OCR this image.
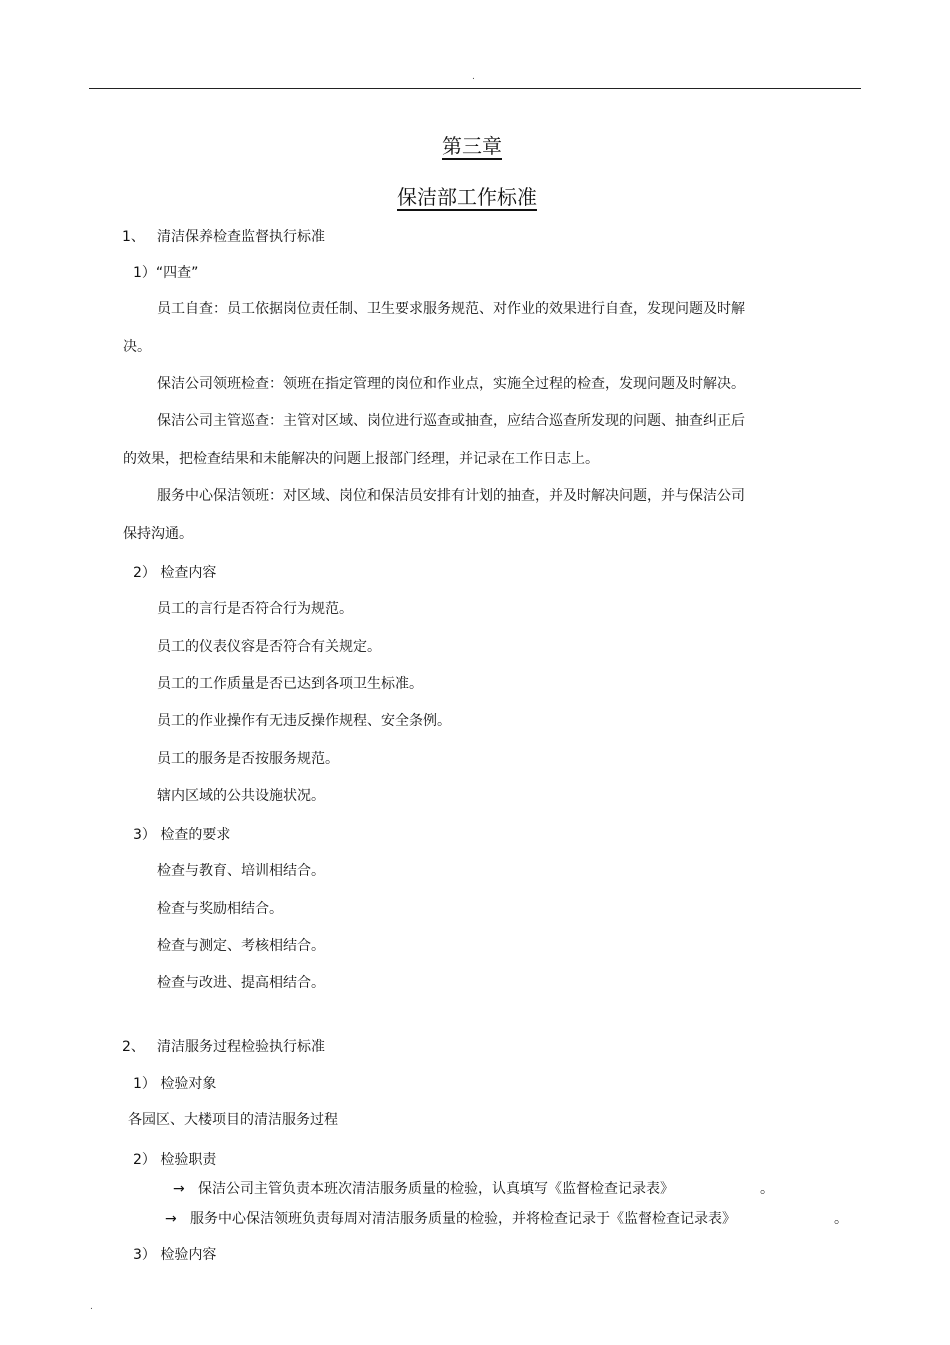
.
第三章
保洁部工作标准
1、 清洁保养检查监督执行标准
1）“四查”
员工自查：员工依据岗位责任制、卫生要求服务规范、对作业的效果进行自查，发现问题及时解
决。
保洁公司领班检查：领班在指定管理的岗位和作业点，实施全过程的检查，发现问题及时解决。
保洁公司主管巡查：主管对区域、岗位进行巡查或抽查，应结合巡查所发现的问题、抽查纠正后
的效果，把检查结果和未能解决的问题上报部门经理，并记录在工作日志上。
服务中心保洁领班：对区域、岗位和保洁员安排有计划的抽查，并及时解决问题，并与保洁公司
保持沟通。
2） 检查内容
员工的言行是否符合行为规范。
员工的仪表仪容是否符合有关规定。
员工的工作质量是否已达到各项卫生标准。
员工的作业操作有无违反操作规程、安全条例。
员工的服务是否按服务规范。
辖内区域的公共设施状况。
3） 检查的要求
检查与教育、培训相结合。
检查与奖励相结合。
检查与测定、考核相结合。
检查与改进、提高相结合。
2、 清洁服务过程检验执行标准
1） 检验对象
各园区、大楼项目的清洁服务过程
2） 检验职责
→ 保洁公司主管负责本班次清洁服务质量的检验，认真填写《监督检查记录表》	。
→ 服务中心保洁领班负责每周对清洁服务质量的检验，并将检查记录于《监督检查记录表》	。
3） 检验内容
.
